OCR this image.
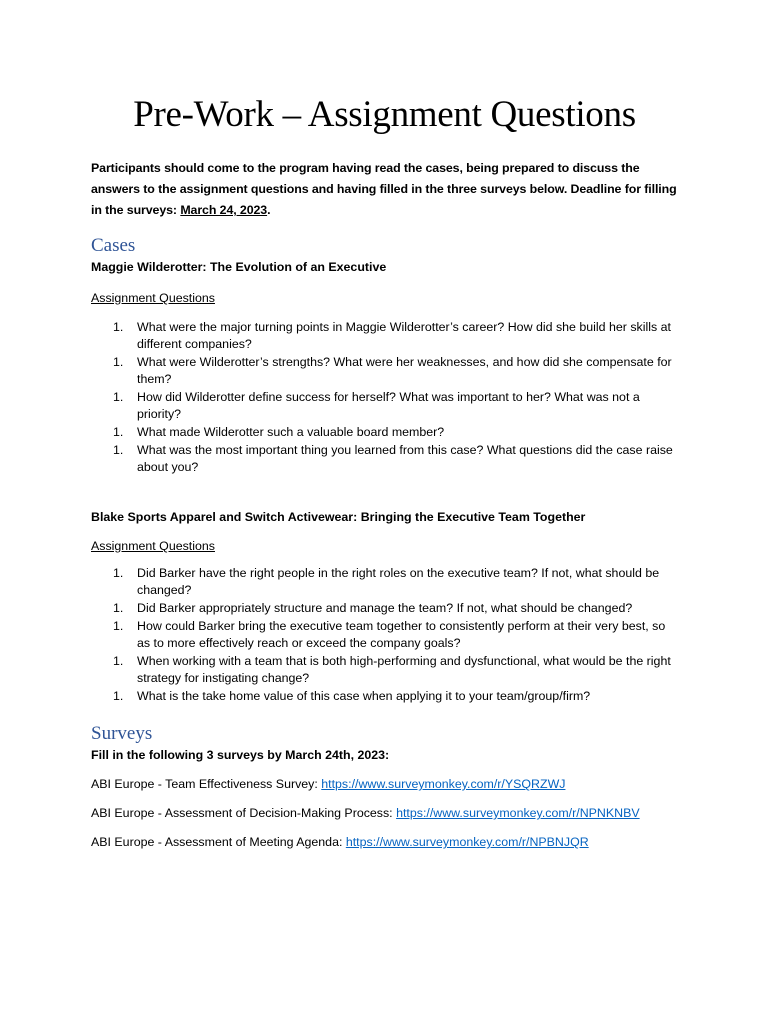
Pre-Work – Assignment Questions

Participants should come to the program having read the cases, being prepared to discuss the answers to the assignment questions and having filled in the three surveys below. Deadline for filling in the surveys: March 24, 2023.

Cases

Maggie Wilderotter: The Evolution of an Executive

Assignment Questions

1. What were the major turning points in Maggie Wilderotter’s career? How did she build her skills at different companies?
1. What were Wilderotter’s strengths? What were her weaknesses, and how did she compensate for them?
1. How did Wilderotter define success for herself? What was important to her? What was not a priority?
1. What made Wilderotter such a valuable board member?
1. What was the most important thing you learned from this case? What questions did the case raise about you?

Blake Sports Apparel and Switch Activewear: Bringing the Executive Team Together

Assignment Questions

1. Did Barker have the right people in the right roles on the executive team? If not, what should be changed?
1. Did Barker appropriately structure and manage the team? If not, what should be changed?
1. How could Barker bring the executive team together to consistently perform at their very best, so as to more effectively reach or exceed the company goals?
1. When working with a team that is both high-performing and dysfunctional, what would be the right strategy for instigating change?
1. What is the take home value of this case when applying it to your team/group/firm?
Surveys

Fill in the following 3 surveys by March 24th, 2023:

ABI Europe - Team Effectiveness Survey: https://www.surveymonkey.com/r/YSQRZWJ

ABI Europe - Assessment of Decision-Making Process: https://www.surveymonkey.com/r/NPNKNBV

ABI Europe - Assessment of Meeting Agenda: https://www.surveymonkey.com/r/NPBNJQR
